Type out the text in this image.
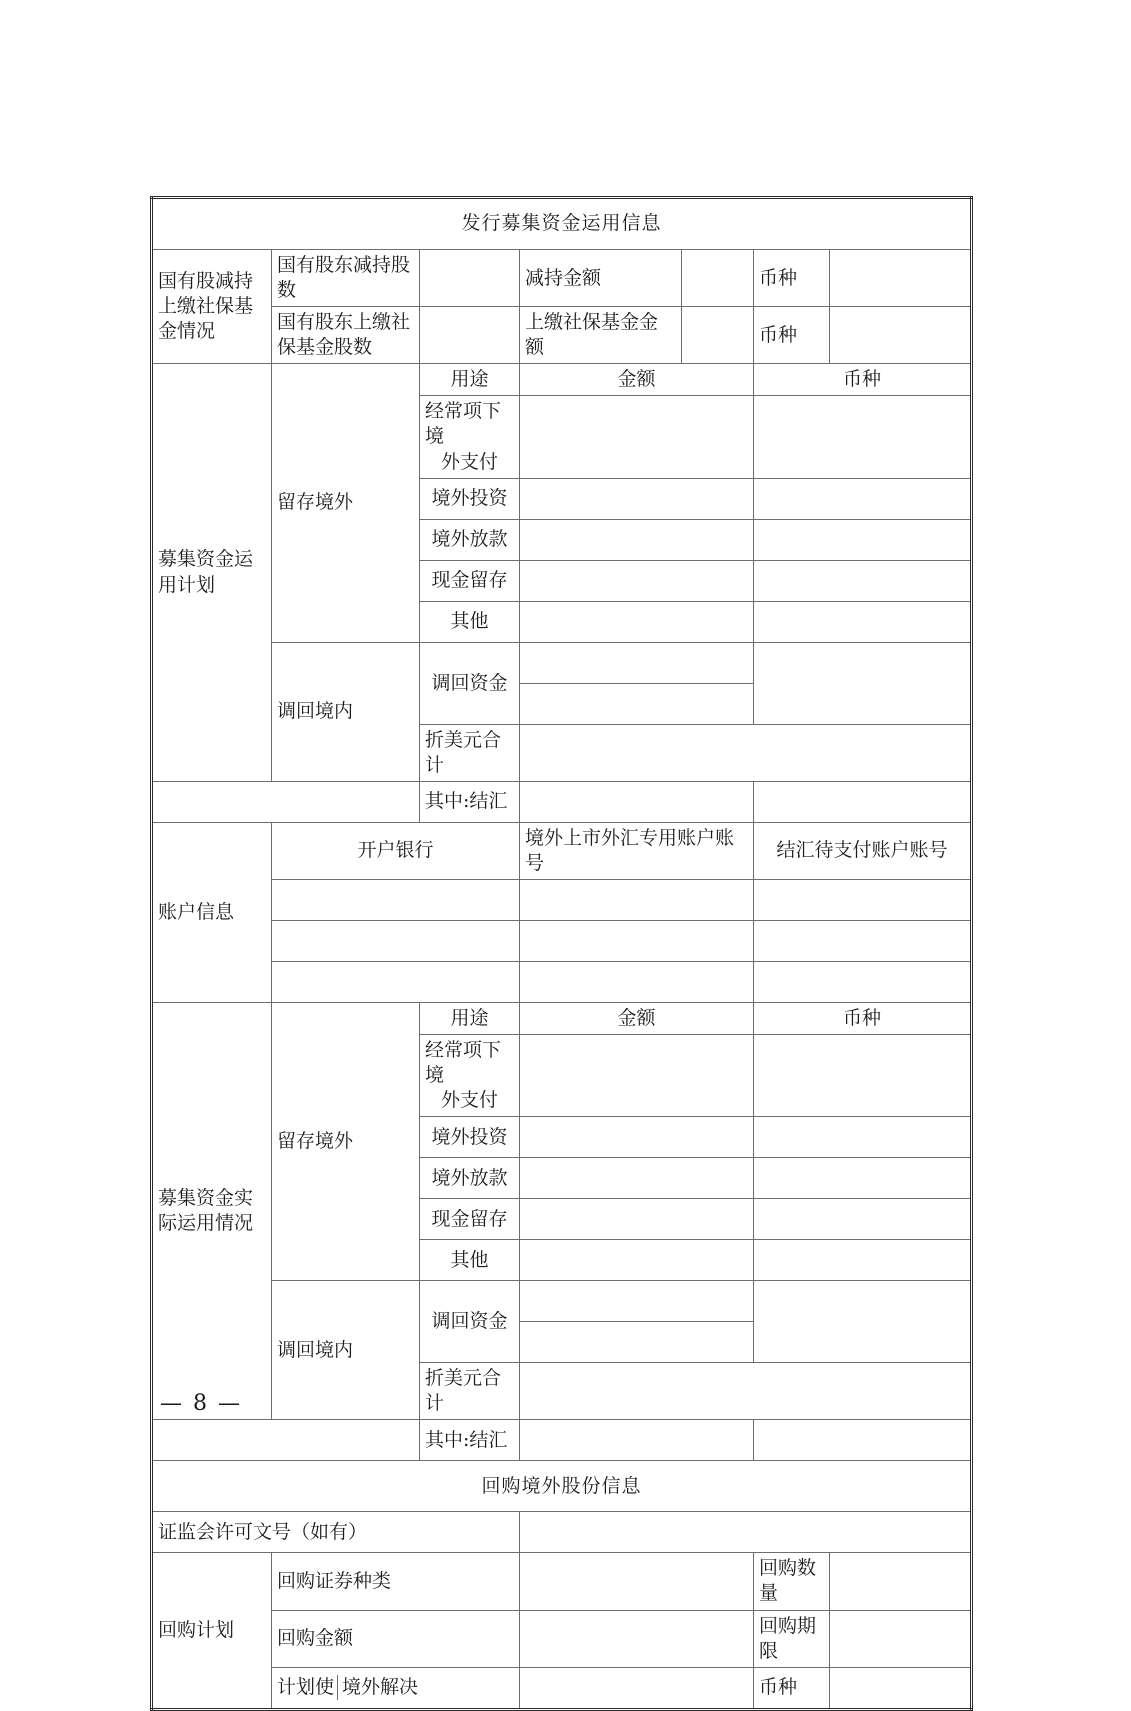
发行募集资金运用信息						
国有股减持上缴社保基金情况	国有股东减持股数		减持金额		币种	
	国有股东上缴社保基金股数		上缴社保基金金额		币种	
募集资金运用计划	留存境外	用途	金额		币种	

		经常项下境
外支付				

		境外投资				
		境外放款				
		现金留存				
		其他				
	调回境内	调回资金				

		折美元合计				
		其中:结汇				
账户信息	开户银行		境外上市外汇专用账户账号		结汇待支付账户账号	

募集资金实际运用情况	留存境外	用途	金额		币种	

		经常项下境
外支付				

		境外投资				
		境外放款				
		现金留存				
		其他				
	调回境内	调回资金				

		折美元合计				
		其中:结汇				
回购境外股份信息						
证监会许可文号（如有）						
回购计划	回购证券种类				回购数量	
	回购金额				回购期限	

	计划使 境外解决				币种	
— 8 —
